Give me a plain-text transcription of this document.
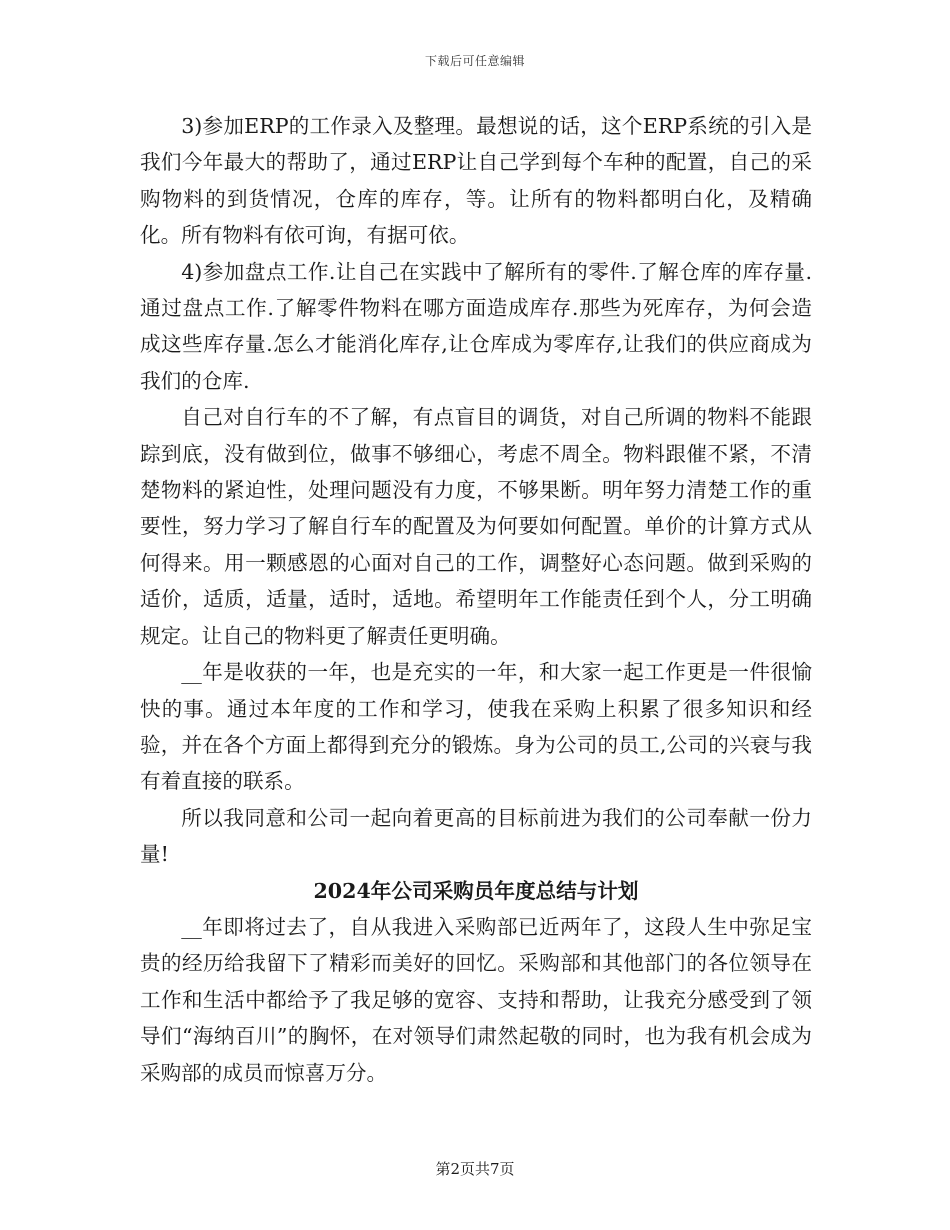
下载后可任意编辑

3)参加ERP的工作录入及整理。最想说的话，这个ERP系统的引入是我们今年最大的帮助了，通过ERP让自己学到每个车种的配置，自己的采购物料的到货情况，仓库的库存，等。让所有的物料都明白化，及精确化。所有物料有依可询，有据可依。

4)参加盘点工作.让自己在实践中了解所有的零件.了解仓库的库存量.通过盘点工作.了解零件物料在哪方面造成库存.那些为死库存，为何会造成这些库存量.怎么才能消化库存,让仓库成为零库存,让我们的供应商成为我们的仓库.

自己对自行车的不了解，有点盲目的调货，对自己所调的物料不能跟踪到底，没有做到位，做事不够细心，考虑不周全。物料跟催不紧，不清楚物料的紧迫性，处理问题没有力度，不够果断。明年努力清楚工作的重要性，努力学习了解自行车的配置及为何要如何配置。单价的计算方式从何得来。用一颗感恩的心面对自己的工作，调整好心态问题。做到采购的适价，适质，适量，适时，适地。希望明年工作能责任到个人，分工明确规定。让自己的物料更了解责任更明确。

__年是收获的一年，也是充实的一年，和大家一起工作更是一件很愉快的事。通过本年度的工作和学习，使我在采购上积累了很多知识和经验，并在各个方面上都得到充分的锻炼。身为公司的员工,公司的兴衰与我有着直接的联系。

所以我同意和公司一起向着更高的目标前进为我们的公司奉献一份力量!

2024年公司采购员年度总结与计划

__年即将过去了，自从我进入采购部已近两年了，这段人生中弥足宝贵的经历给我留下了精彩而美好的回忆。采购部和其他部门的各位领导在工作和生活中都给予了我足够的宽容、支持和帮助，让我充分感受到了领导们“海纳百川”的胸怀，在对领导们肃然起敬的同时，也为我有机会成为采购部的成员而惊喜万分。

第2页共7页
